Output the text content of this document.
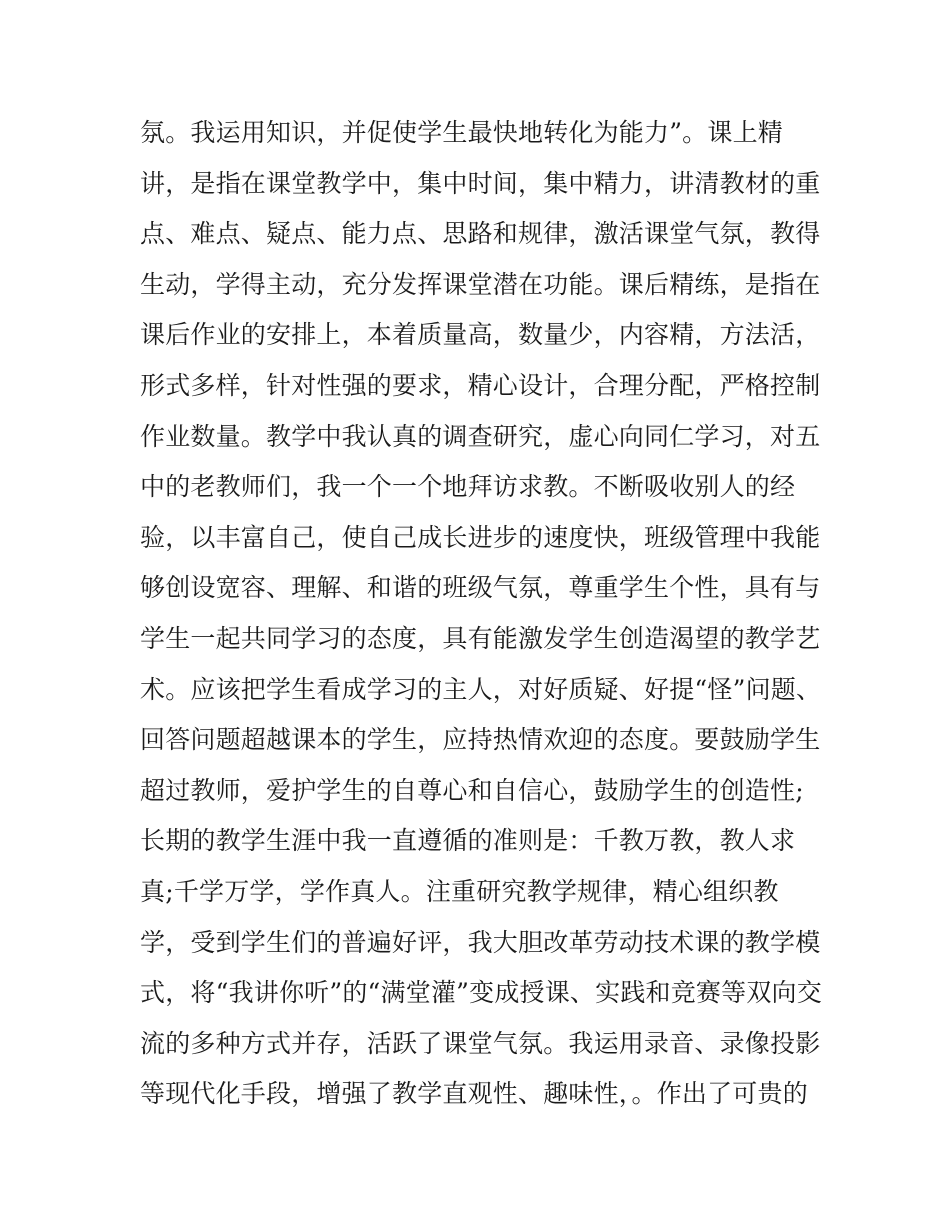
氛。我运用知识，并促使学生最快地转化为能力”。课上精
讲，是指在课堂教学中，集中时间，集中精力，讲清教材的重
点、难点、疑点、能力点、思路和规律，激活课堂气氛，教得
生动，学得主动，充分发挥课堂潜在功能。课后精练，是指在
课后作业的安排上，本着质量高，数量少，内容精，方法活，
形式多样，针对性强的要求，精心设计，合理分配，严格控制
作业数量。教学中我认真的调查研究，虚心向同仁学习，对五
中的老教师们，我一个一个地拜访求教。不断吸收别人的经
验，以丰富自己，使自己成长进步的速度快，班级管理中我能
够创设宽容、理解、和谐的班级气氛，尊重学生个性，具有与
学生一起共同学习的态度，具有能激发学生创造渴望的教学艺
术。应该把学生看成学习的主人，对好质疑、好提“怪”问题、
回答问题超越课本的学生，应持热情欢迎的态度。要鼓励学生
超过教师，爱护学生的自尊心和自信心，鼓励学生的创造性;
长期的教学生涯中我一直遵循的准则是：千教万教，教人求
真;千学万学，学作真人。注重研究教学规律，精心组织教
学，受到学生们的普遍好评，我大胆改革劳动技术课的教学模
式，将“我讲你听”的“满堂灌”变成授课、实践和竞赛等双向交
流的多种方式并存，活跃了课堂气氛。我运用录音、录像投影
等现代化手段，增强了教学直观性、趣味性，。作出了可贵的
